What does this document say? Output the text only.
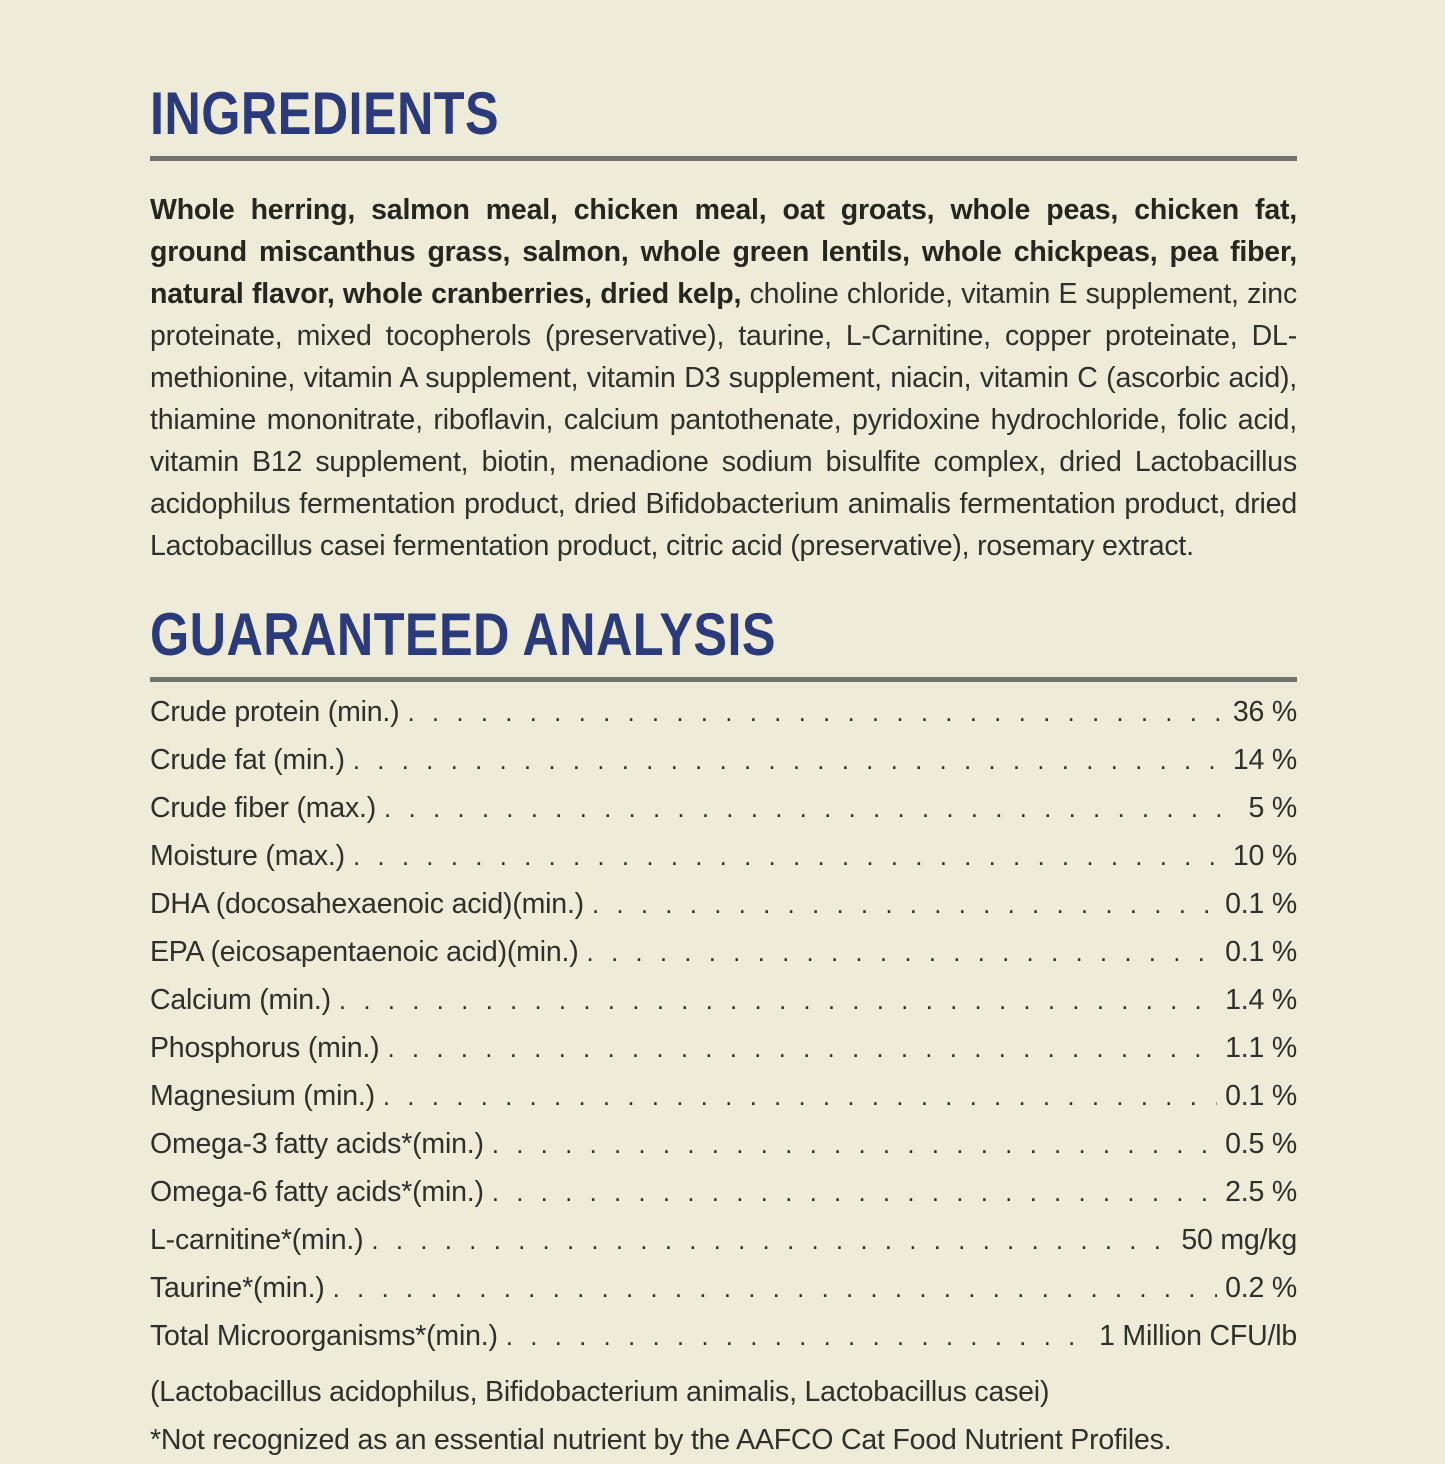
INGREDIENTS

Whole herring, salmon meal, chicken meal, oat groats, whole peas, chicken fat, ground miscanthus grass, salmon, whole green lentils, whole chickpeas, pea fiber, natural flavor, whole cranberries, dried kelp, choline chloride, vitamin E supplement, zinc proteinate, mixed tocopherols (preservative), taurine, L-Carnitine, copper proteinate, DL-methionine, vitamin A supplement, vitamin D3 supplement, niacin, vitamin C (ascorbic acid), thiamine mononitrate, riboflavin, calcium pantothenate, pyridoxine hydrochloride, folic acid, vitamin B12 supplement, biotin, menadione sodium bisulfite complex, dried Lactobacillus acidophilus fermentation product, dried Bifidobacterium animalis fermentation product, dried Lactobacillus casei fermentation product, citric acid (preservative), rosemary extract.

GUARANTEED ANALYSIS
Crude protein (min.) . . .	36 %
Crude fat (min.) . . .	14 %
Crude fiber (max.) . . .	5 %
Moisture (max.) . . .	10 %
DHA (docosahexaenoic acid)(min.) . . .	0.1 %
EPA (eicosapentaenoic acid)(min.) . . .	0.1 %
Calcium (min.) . . .	1.4 %
Phosphorus (min.) . . .	1.1 %
Magnesium (min.) . . .	0.1 %
Omega-3 fatty acids*(min.) . . .	0.5 %
Omega-6 fatty acids*(min.) . . .	2.5 %
L-carnitine*(min.) . . .	50 mg/kg
Taurine*(min.) . . .	0.2 %
Total Microorganisms*(min.) . . .	1 Million CFU/lb
(Lactobacillus acidophilus, Bifidobacterium animalis, Lactobacillus casei)
*Not recognized as an essential nutrient by the AAFCO Cat Food Nutrient Profiles.
